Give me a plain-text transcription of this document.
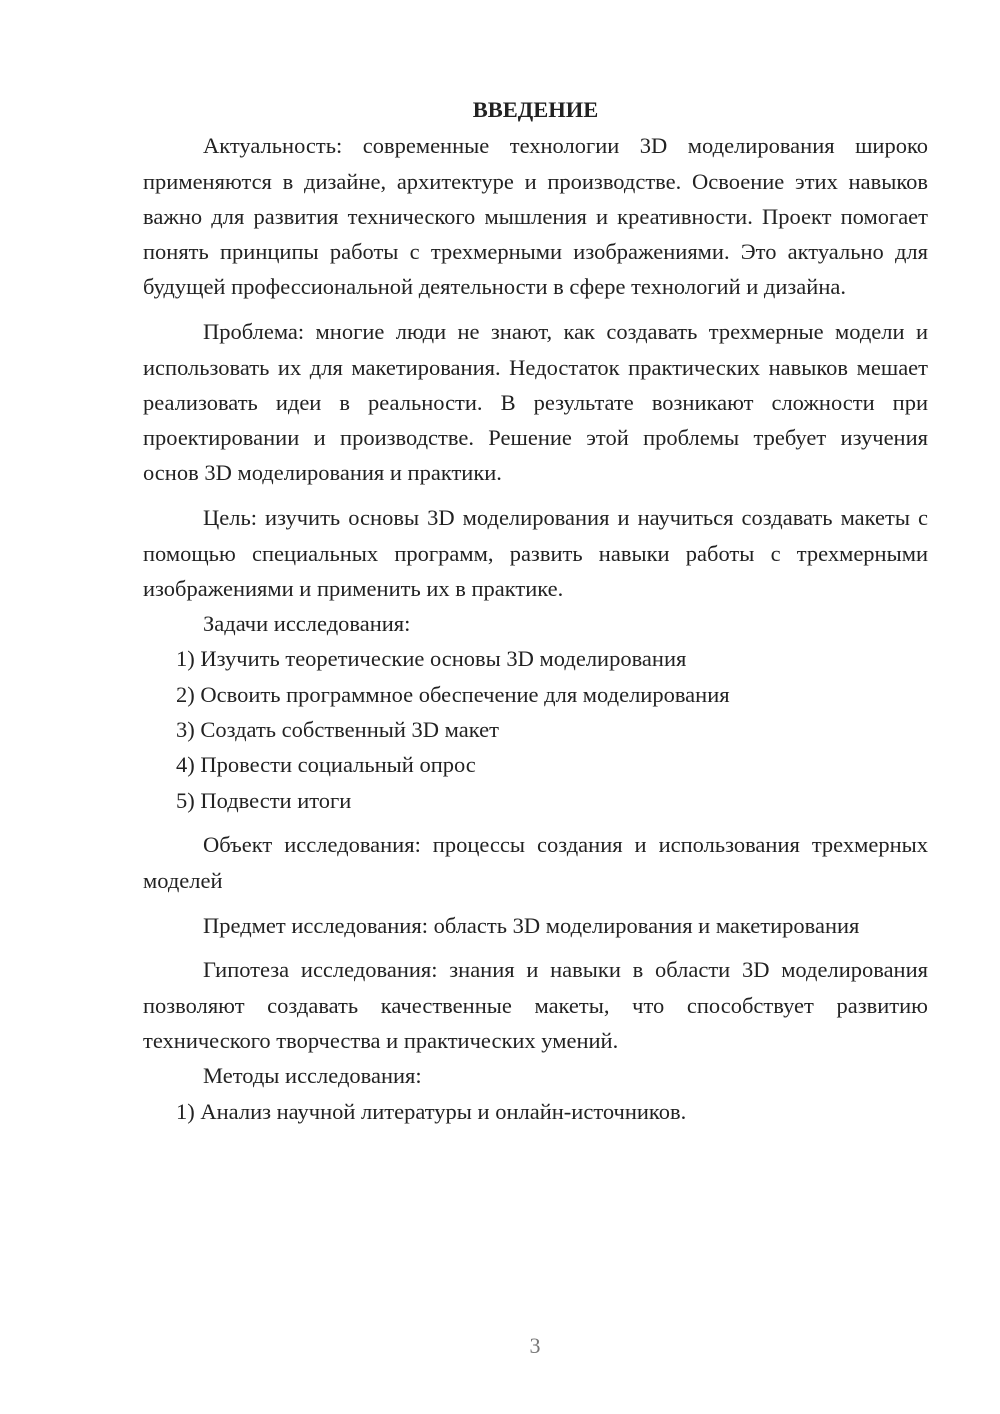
ВВЕДЕНИЕ

Актуальность: современные технологии 3D моделирования широко применяются в дизайне, архитектуре и производстве. Освоение этих навыков важно для развития технического мышления и креативности. Проект помогает понять принципы работы с трехмерными изображениями. Это актуально для будущей профессиональной деятельности в сфере технологий и дизайна.

Проблема: многие люди не знают, как создавать трехмерные модели и использовать их для макетирования. Недостаток практических навыков мешает реализовать идеи в реальности. В результате возникают сложности при проектировании и производстве. Решение этой проблемы требует изучения основ 3D моделирования и практики.

Цель: изучить основы 3D моделирования и научиться создавать макеты с помощью специальных программ, развить навыки работы с трехмерными изображениями и применить их в практике.

Задачи исследования:

1) Изучить теоретические основы 3D моделирования

2) Освоить программное обеспечение для моделирования

3) Создать собственный 3D макет

4) Провести социальный опрос

5) Подвести итоги

Объект исследования: процессы создания и использования трехмерных моделей

Предмет исследования: область 3D моделирования и макетирования

Гипотеза исследования: знания и навыки в области 3D моделирования позволяют создавать качественные макеты, что способствует развитию технического творчества и практических умений.

Методы исследования:

1) Анализ научной литературы и онлайн-источников.

3
